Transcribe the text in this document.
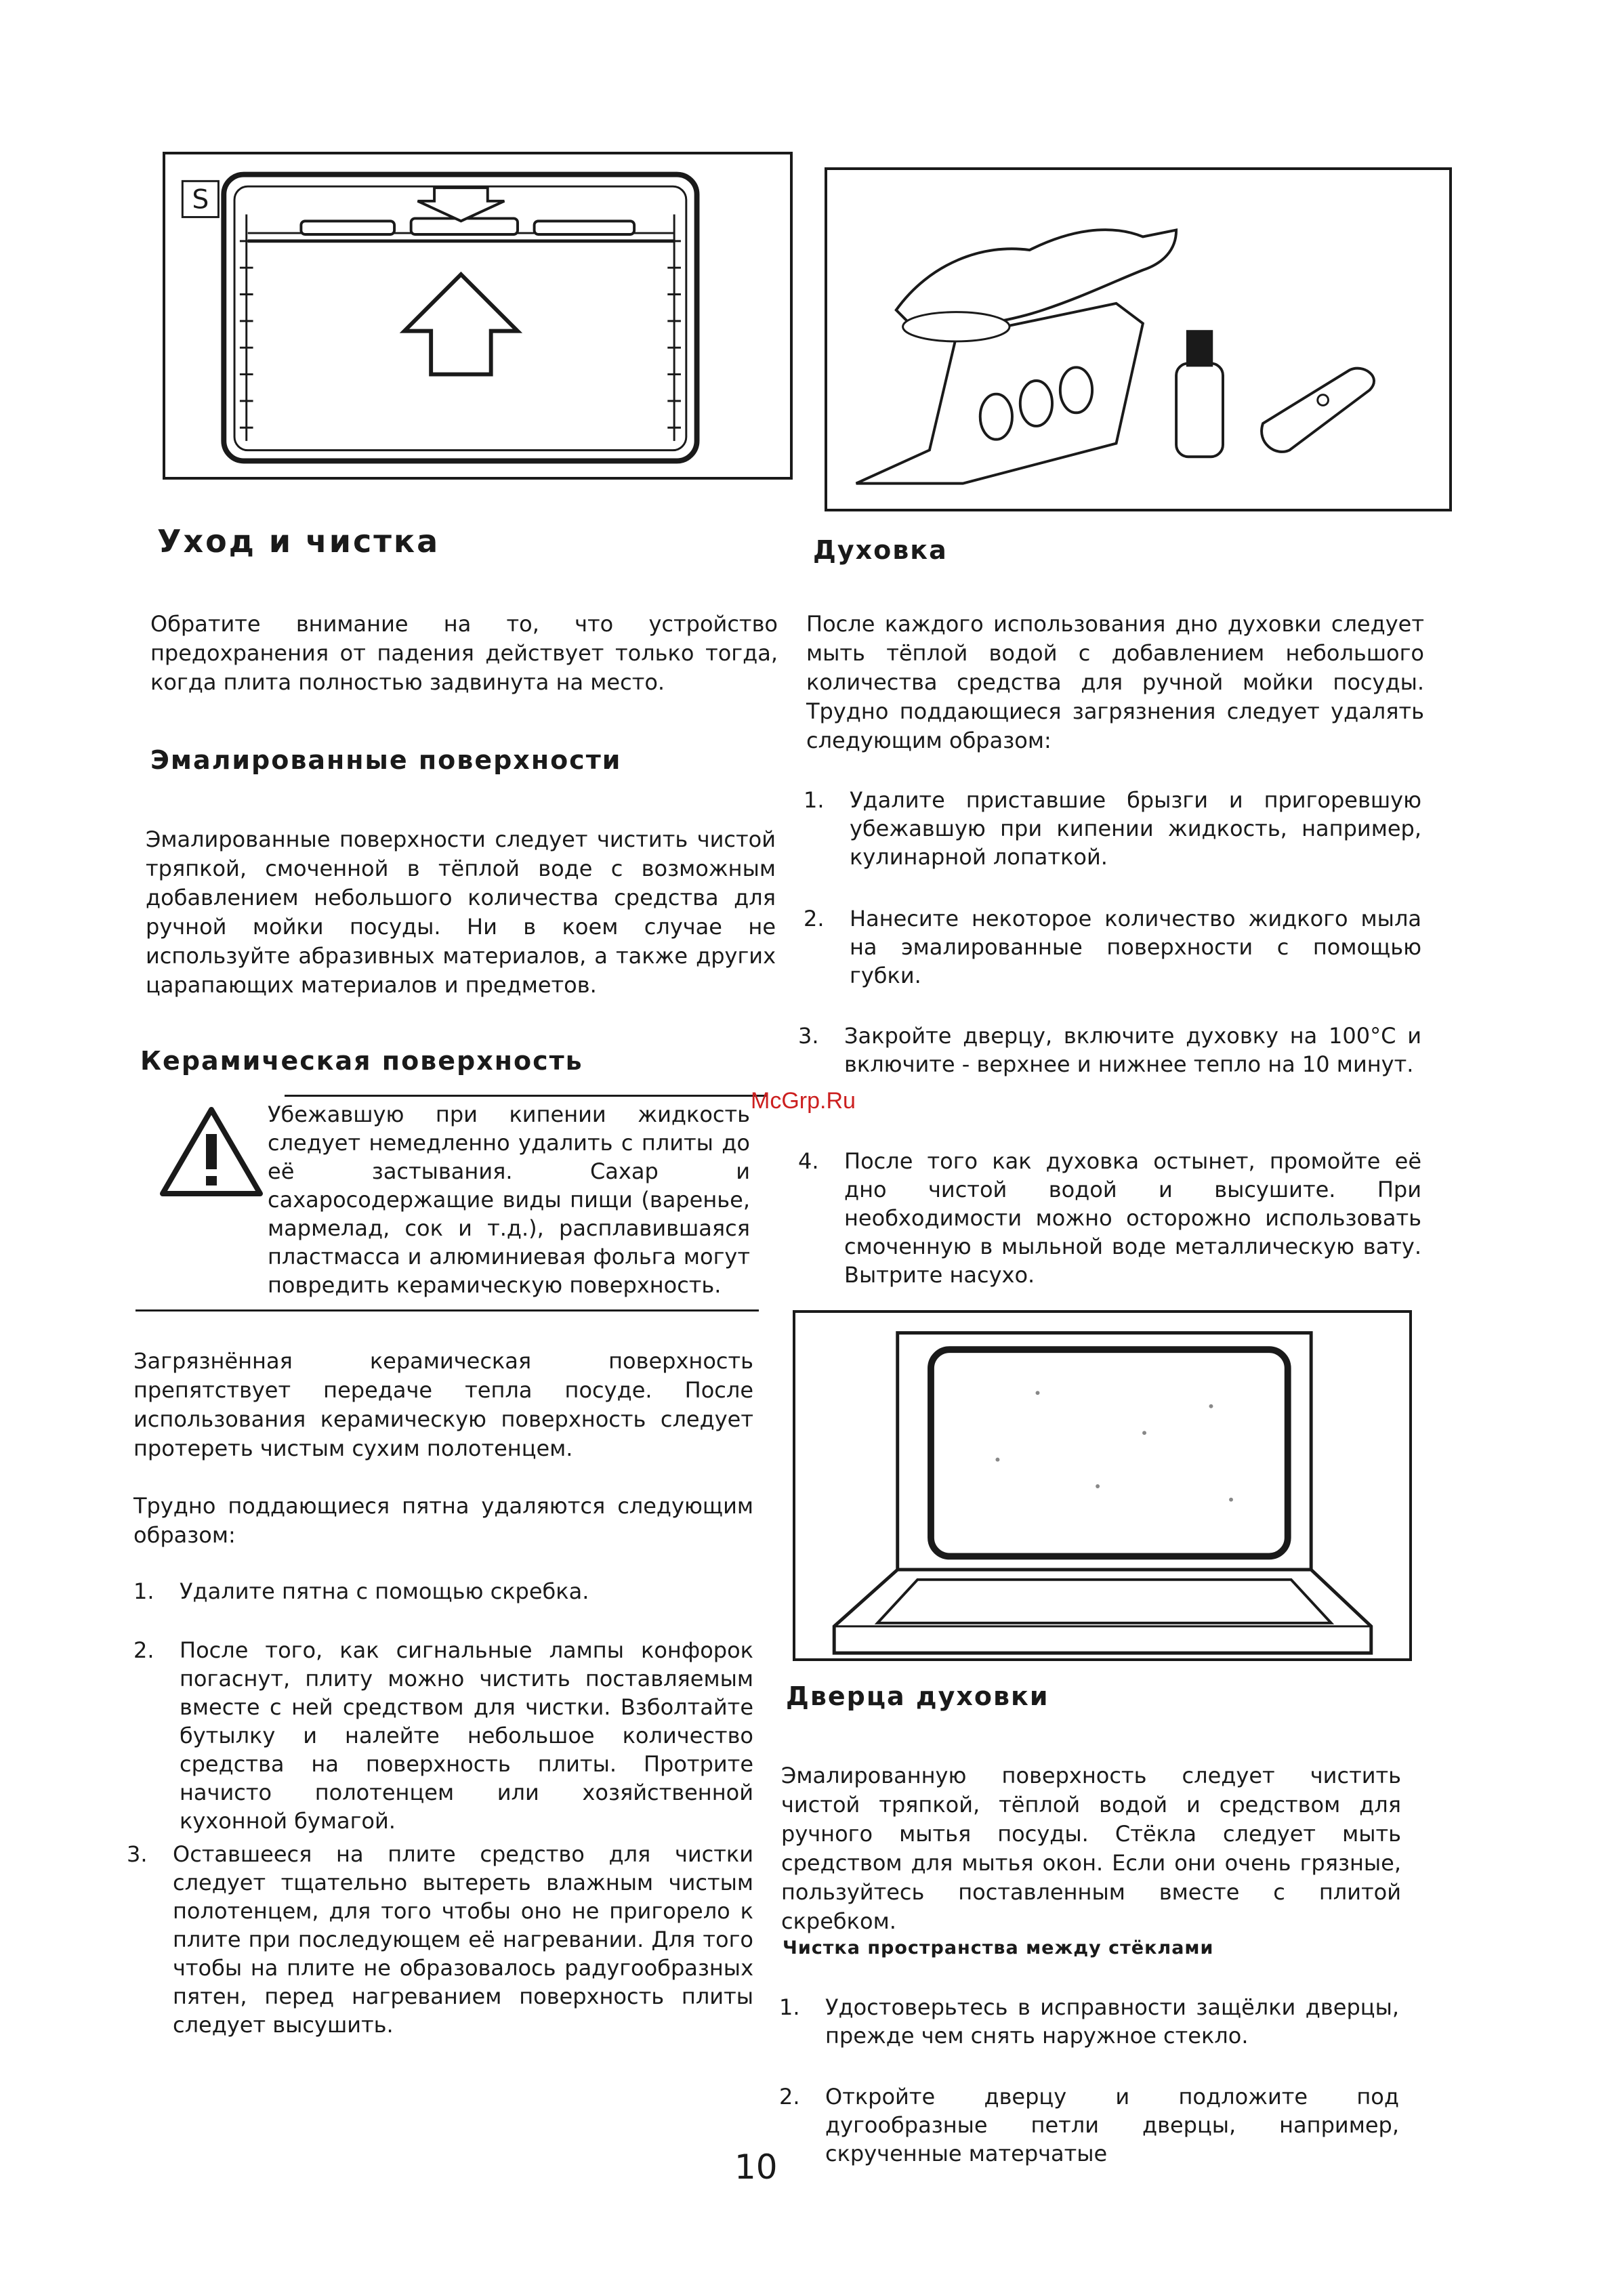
S
Уход и чистка

Обратите внимание на то, что устройство предохранения от падения действует только тогда, когда плита полностью задвинута на место.

Эмалированные поверхности

Эмалированные поверхности следует чистить чистой тряпкой, смоченной в тёплой воде с возможным добавлением небольшого количества средства для ручной мойки посуды. Ни в коем случае не используйте абразивных материалов, а также других царапающих материалов и предметов.

Керамическая поверхность

Убежавшую при кипении жидкость следует немедленно удалить с плиты до её застывания. Сахар и сахаросодержащие виды пищи (варенье, мармелад, сок и т.д.), расплавившаяся пластмасса и алюминиевая фольга могут повредить керамическую поверхность.

Загрязнённая керамическая поверхность препятствует передаче тепла посуде. После использования керамическую поверхность следует протереть чистым сухим полотенцем.

Трудно поддающиеся пятна удаляются следующим образом:

1. Удалите пятна с помощью скребка.
2. После того, как сигнальные лампы конфорок погаснут, плиту можно чистить поставляемым вместе с ней средством для чистки. Взболтайте бутылку и налейте небольшое количество средства на поверхность плиты. Протрите начисто полотенцем или хозяйственной кухонной бумагой.
3. Оставшееся на плите средство для чистки следует тщательно вытереть влажным чистым полотенцем, для того чтобы оно не пригорело к плите при последующем её нагревании. Для того чтобы на плите не образовалось радугообразных пятен, перед нагреванием поверхность плиты следует высушить.
Духовка

После каждого использования дно духовки следует мыть тёплой водой с добавлением небольшого количества средства для ручной мойки посуды. Трудно поддающиеся загрязнения следует удалять следующим образом:

1. Удалите приставшие брызги и пригоревшую убежавшую при кипении жидкость, например, кулинарной лопаткой.
2. Нанесите некоторое количество жидкого мыла на эмалированные поверхности с помощью губки.
3. Закройте дверцу, включите духовку на 100°С и включите - верхнее и нижнее тепло на 10 минут.
4. После того как духовка остынет, промойте её дно чистой водой и высушите. При необходимости можно осторожно использовать смоченную в мыльной воде металлическую вату. Вытрите насухо.
Дверца духовки

Эмалированную поверхность следует чистить чистой тряпкой, тёплой водой и средством для ручного мытья посуды. Стёкла следует мыть средством для мытья окон. Если они очень грязные, пользуйтесь поставленным вместе с плитой скребком.

Чистка пространства между стёклами
1. Удостоверьтесь в исправности защёлки дверцы, прежде чем снять наружное стекло.
2. Откройте дверцу и подложите под дугообразные петли дверцы, например, скрученные матерчатые
McGrp.Ru
10
